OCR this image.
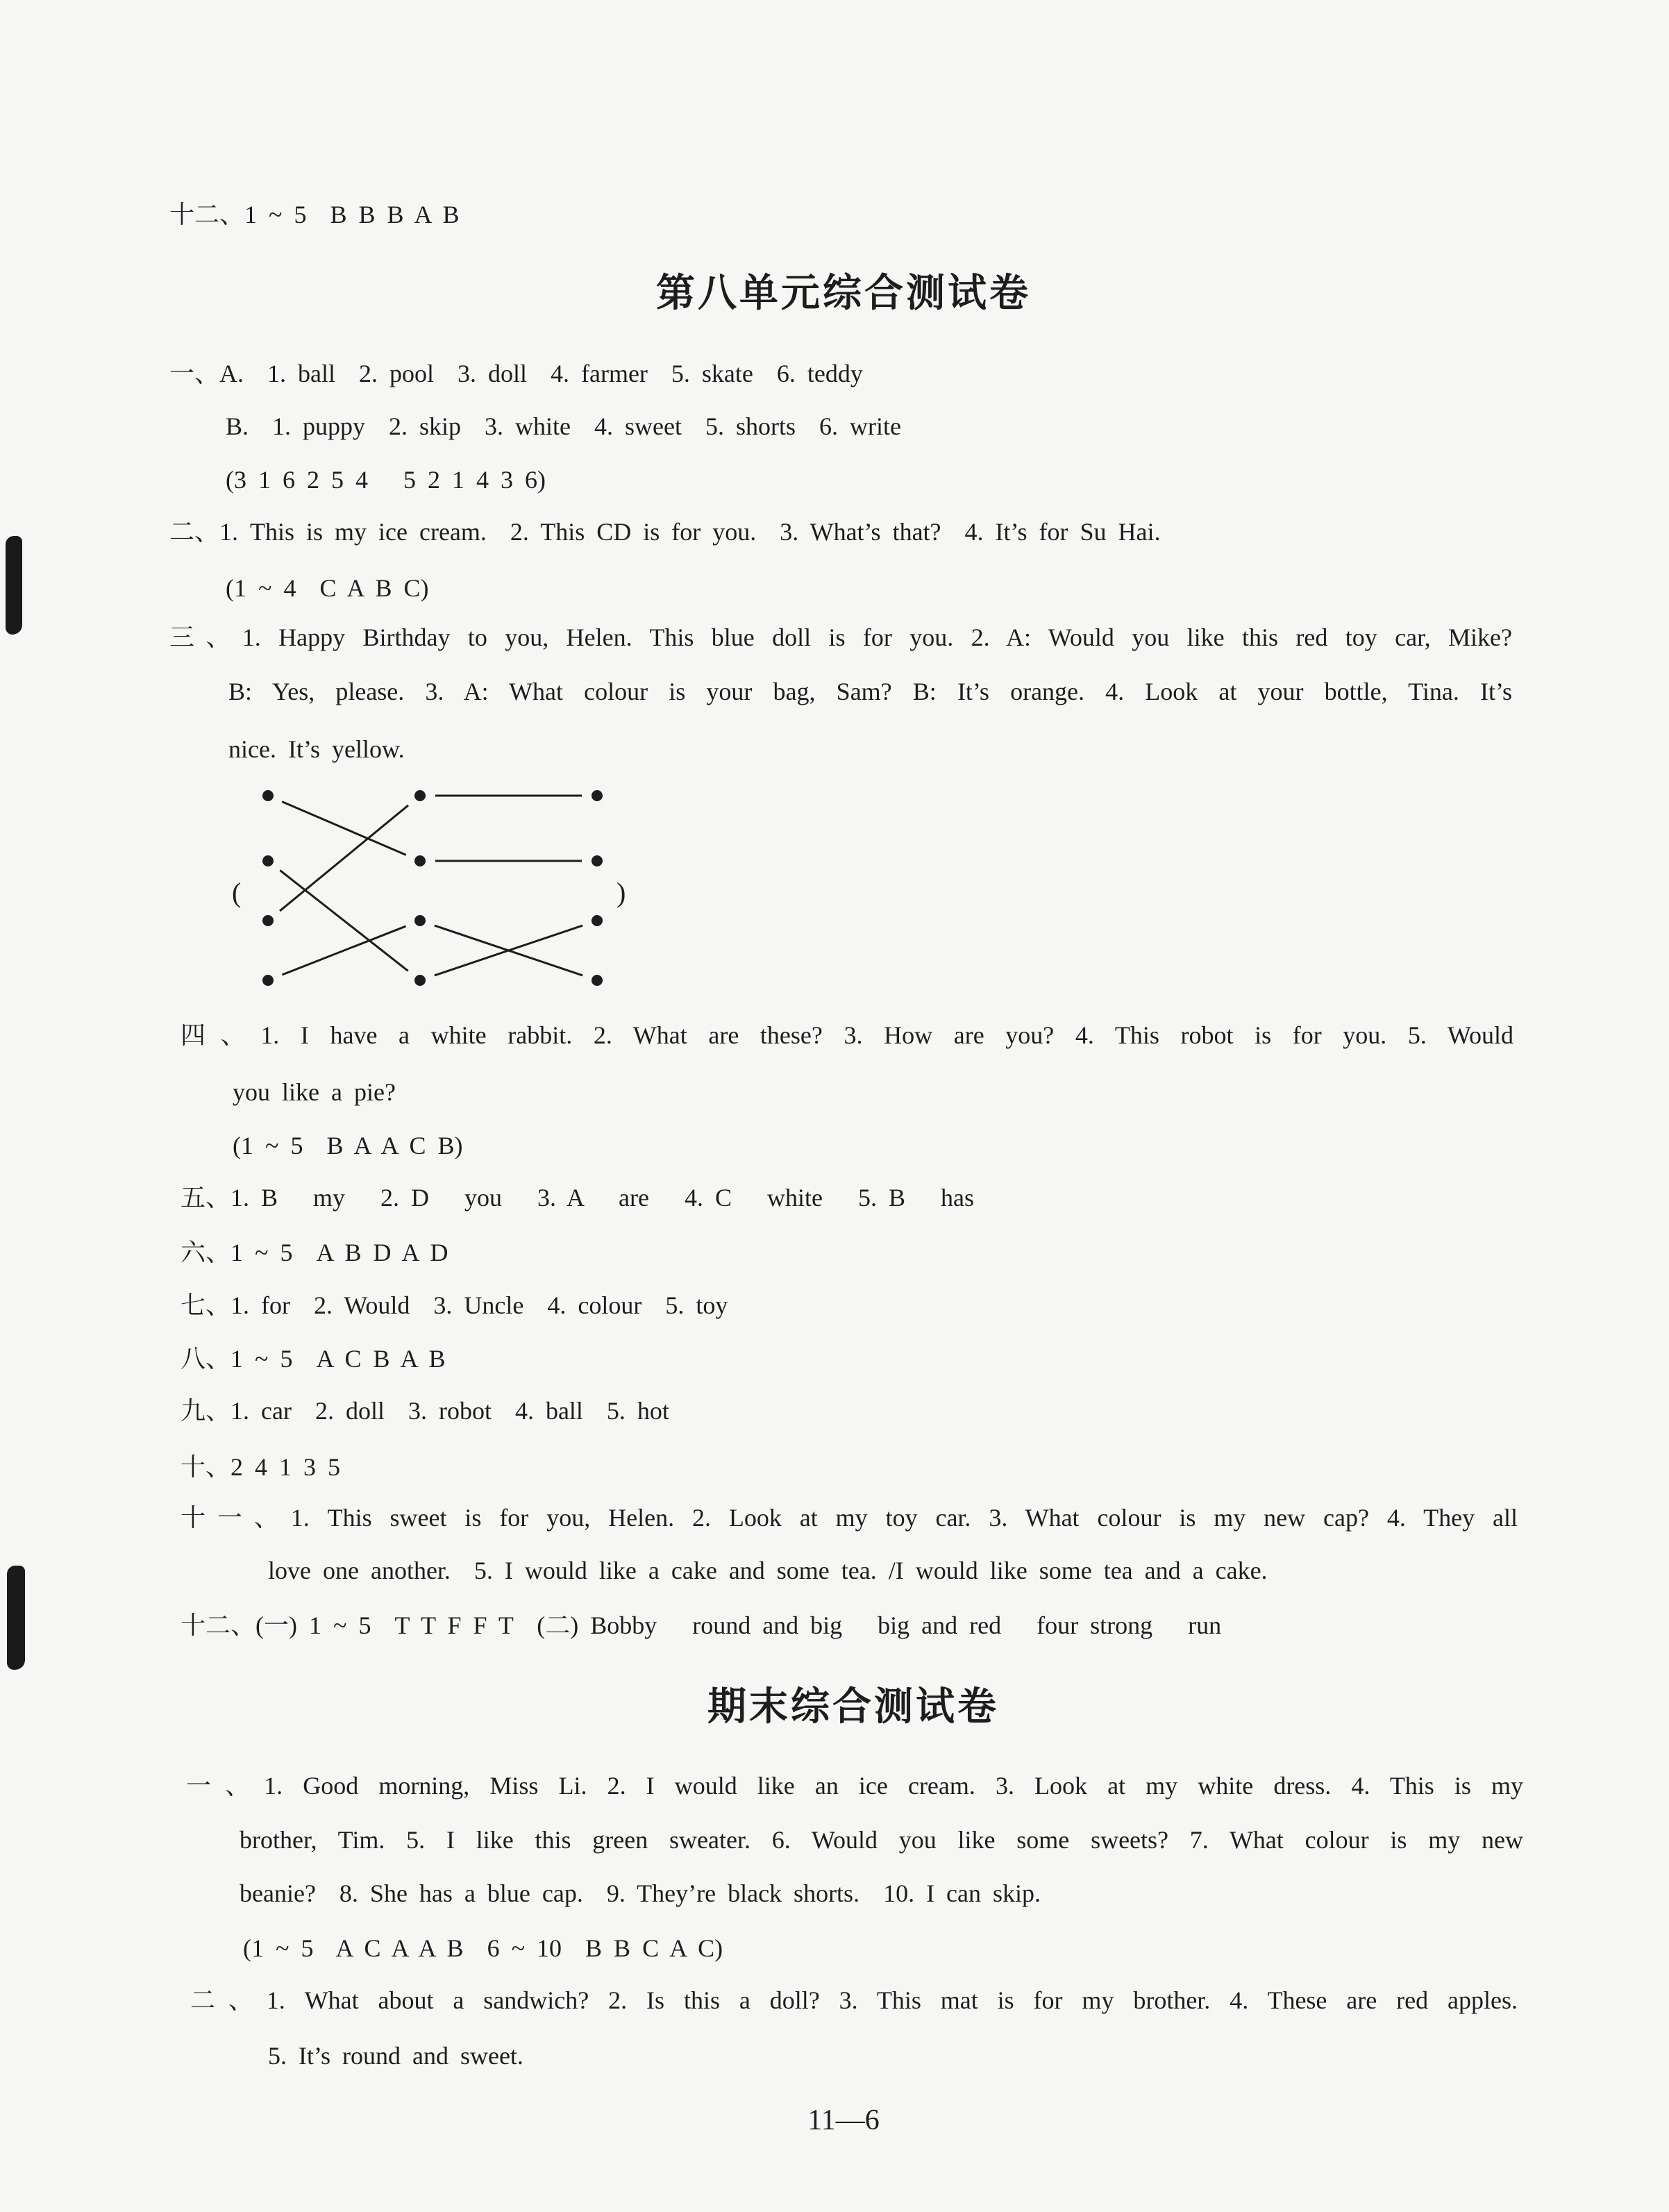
十二、1 ~ 5  B B B A B
第八单元综合测试卷
一、A.  1. ball  2. pool  3. doll  4. farmer  5. skate  6. teddy
B.  1. puppy  2. skip  3. white  4. sweet  5. shorts  6. write
(3 1 6 2 5 4   5 2 1 4 3 6)
二、1. This is my ice cream.  2. This CD is for you.  3. What’s that?  4. It’s for Su Hai.
(1 ~ 4  C A B C)
三、1. Happy Birthday to you, Helen. This blue doll is for you. 2. A: Would you like this red toy car, Mike?
B: Yes, please. 3. A: What colour is your bag, Sam? B: It’s orange. 4. Look at your bottle, Tina. It’s
nice. It’s yellow.
(	)
四、1. I have a white rabbit. 2. What are these? 3. How are you? 4. This robot is for you. 5. Would
you like a pie?
(1 ~ 5  B A A C B)
五、1. B   my   2. D   you   3. A   are   4. C   white   5. B   has
六、1 ~ 5  A B D A D
七、1. for  2. Would  3. Uncle  4. colour  5. toy
八、1 ~ 5  A C B A B
九、1. car  2. doll  3. robot  4. ball  5. hot
十、2 4 1 3 5
十一、1. This sweet is for you, Helen. 2. Look at my toy car. 3. What colour is my new cap? 4. They all
love one another.  5. I would like a cake and some tea. /I would like some tea and a cake.
十二、(一) 1 ~ 5  T T F F T  (二) Bobby   round and big   big and red   four strong   run
期末综合测试卷
一、1. Good morning, Miss Li. 2. I would like an ice cream. 3. Look at my white dress. 4. This is my
brother, Tim. 5. I like this green sweater. 6. Would you like some sweets? 7. What colour is my new
beanie?  8. She has a blue cap.  9. They’re black shorts.  10. I can skip.
(1 ~ 5  A C A A B  6 ~ 10  B B C A C)
二、1. What about a sandwich? 2. Is this a doll? 3. This mat is for my brother. 4. These are red apples.
5. It’s round and sweet.
11—6
